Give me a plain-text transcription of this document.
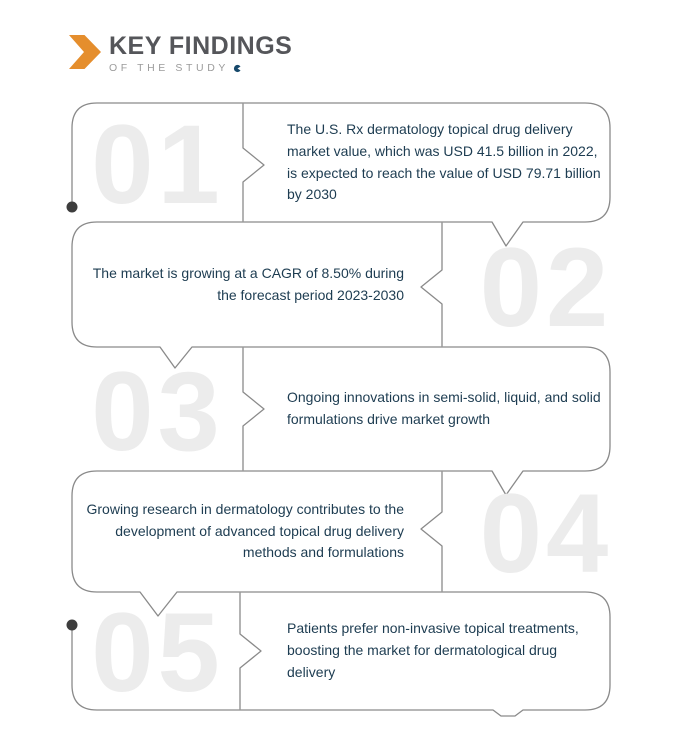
KEY FINDINGS
OF THE STUDY
01
02
03
04
05
The U.S. Rx dermatology topical drug delivery market value, which was USD 41.5 billion in 2022, is expected to reach the value of USD 79.71 billion by 2030
The market is growing at a CAGR of 8.50% during the forecast period 2023-2030
Ongoing innovations in semi-solid, liquid, and solid formulations drive market growth
Growing research in dermatology contributes to the development of advanced topical drug delivery methods and formulations
Patients prefer non-invasive topical treatments, boosting the market for dermatological drug delivery
